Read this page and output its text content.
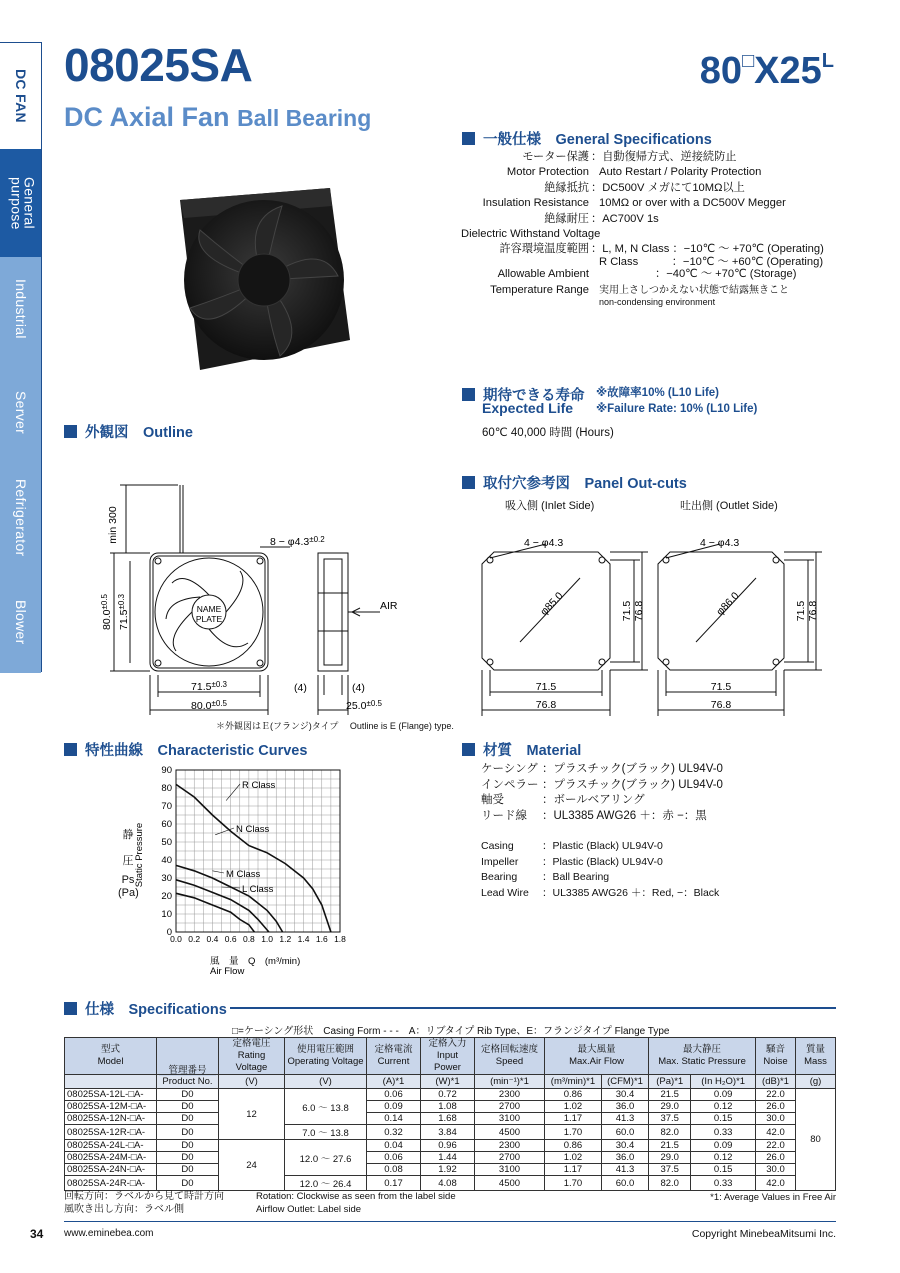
DC FAN
General purpose
Industrial
Server
Refrigerator
Blower
08025SA
DC Axial Fan Ball Bearing
$80^□X25^L$
一般仕様　General Specifications
モーター保護 ：自動復帰方式、逆接続防止
Motor Protection Auto Restart / Polarity Protection
絶縁抵抗 ：DC500V メガにて10MΩ以上
Insulation Resistance 10MΩ or over with a DC500V Megger
絶縁耐圧 ：AC700V 1s
Dielectric Withstand Voltage
許容環境温度範囲 ：L, M, N Class ：−10℃ ～ +70℃ (Operating)
R Class　　　：−10℃ ～ +60℃ (Operating)
Allowable Ambient	：−40℃ ～ +70℃ (Storage)
Temperature Range	実用上さしつかえない状態で結露無きこと
non-condensing environment
期待できる寿命
Expected Life
※故障率10% (L10 Life)
※Failure Rate: 10% (L10 Life)
60℃ 40,000 時間 (Hours)
外観図　Outline
min 300	$8 - \varphi 4.3^{\pm 0.2}$
AIR
NAME
PLATE
$80.0^{\pm 0.5}$
$71.5^{\pm 0.3}$
$71.5^{\pm 0.3}$
$80.0^{\pm 0.5}$
(4)	(4)
$25.0^{\pm 0.5}$
＊外観図はＥ(フランジ)タイプ　 Outline is E (Flange) type.
取付穴参考図　Panel Out-cuts
吸入側 (Inlet Side)	吐出側 (Outlet Side)
4 − φ4.3	4 − φ4.3
φ85.0	φ86.0
71.5 76.8	71.5 76.8
71.5
76.8
71.5
76.8
特性曲線　Characteristic Curves
静
圧
Ps
(Pa)
Static Pressure
0
10
20
30
40
50
60
70
80
90
0.0 0.2 0.4 0.6 0.8 1.0 1.2 1.4 1.6 1.8
R Class
N Class
M Class
L Class
風　量　Q　(m³/min)
Air Flow
材質　Material
ケーシング ：プラスチック(ブラック) UL94V-0
インペラー ：プラスチック(ブラック) UL94V-0
軸受	：ボールベアリング
リード線	：UL3385 AWG26 ＋：赤 −：黒
Casing	：Plastic (Black) UL94V-0
Impeller	：Plastic (Black) UL94V-0
Bearing	：Ball Bearing
Lead Wire	：UL3385 AWG26 ＋：Red, −：Black
仕様　Specifications
□=ケーシング形状　Casing Form - - -　A：リブタイプ Rib Type、E：フランジタイプ Flange Type
型式
Model		定格電圧
Rating Voltage	使用電圧範囲
Operating Voltage	定格電流
Current	定格入力
Input Power	定格回転速度
Speed	最大風量
Max.Air Flow		最大静圧
Max. Static Pressure		騒音
Noise	質量
Mass

	管理番号
Product No.	(V)	(V)	(A)*1	(W)*1	(min⁻¹)*1	(m³/min)*1	(CFM)*1	(Pa)*1	(In H₂O)*1	(dB)*1	(g)
08025SA-12L-□A-	D0	12	6.0 ～ 13.8	0.06	0.72	2300	0.86	30.4	21.5	0.09	22.0	80
08025SA-12M-□A-	D0			0.09	1.08	2700	1.02	36.0	29.0	0.12	26.0	
08025SA-12N-□A-	D0			0.14	1.68	3100	1.17	41.3	37.5	0.15	30.0	
08025SA-12R-□A-	D0		7.0 ～ 13.8	0.32	3.84	4500	1.70	60.0	82.0	0.33	42.0	
08025SA-24L-□A-	D0	24	12.0 ～ 27.6	0.04	0.96	2300	0.86	30.4	21.5	0.09	22.0	
08025SA-24M-□A-	D0			0.06	1.44	2700	1.02	36.0	29.0	0.12	26.0	
08025SA-24N-□A-	D0			0.08	1.92	3100	1.17	41.3	37.5	0.15	30.0	
08025SA-24R-□A-	D0		12.0 ～ 26.4	0.17	4.08	4500	1.70	60.0	82.0	0.33	42.0	
回転方向：ラベルから見て時計方向
風吹き出し方向：ラベル側
Rotation: Clockwise as seen from the label side
Airflow Outlet: Label side
*1: Average Values in Free Air
34 www.eminebea.com	Copyright MinebeaMitsumi Inc.
